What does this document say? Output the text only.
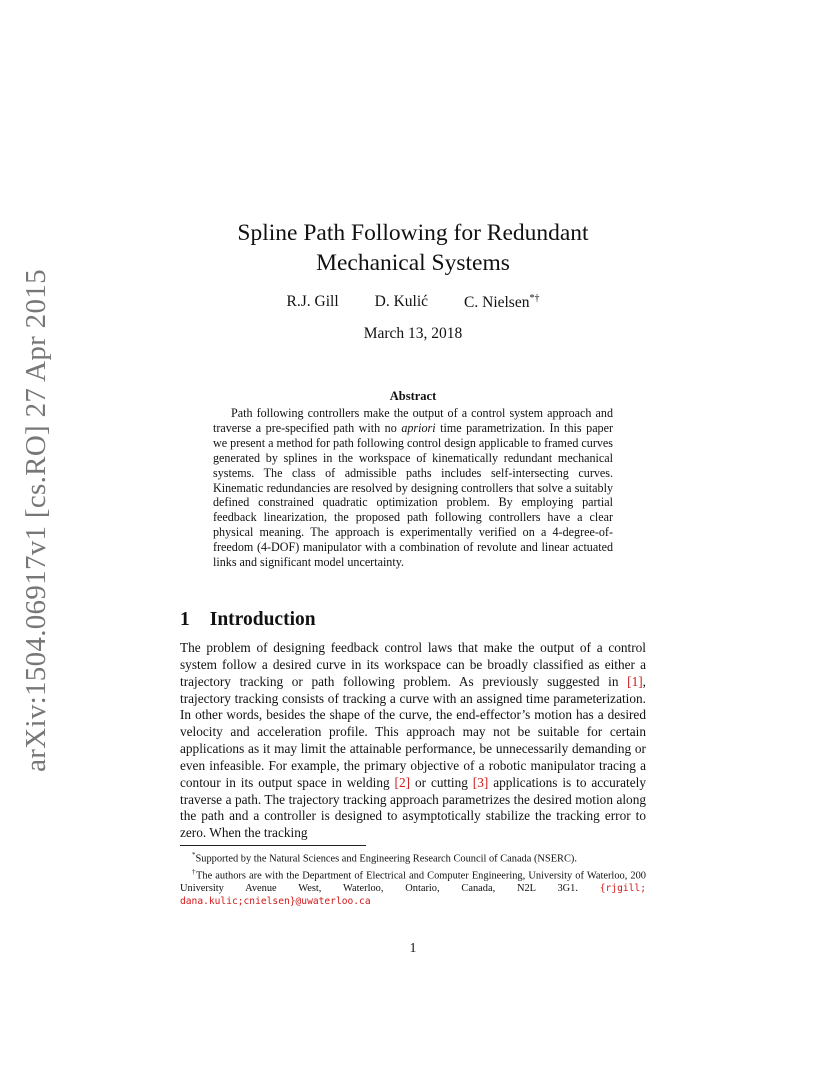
arXiv:1504.06917v1 [cs.RO] 27 Apr 2015
Spline Path Following for Redundant Mechanical Systems
R.J. Gill D. Kulić C. Nielsen*†
March 13, 2018
Abstract

Path following controllers make the output of a control system approach and traverse a pre-specified path with no apriori time parametrization. In this paper we present a method for path following control design applicable to framed curves generated by splines in the workspace of kinematically redundant mechanical systems. The class of admissible paths includes self-intersecting curves. Kinematic redundancies are resolved by designing controllers that solve a suitably defined constrained quadratic optimization problem. By employing partial feedback linearization, the proposed path following controllers have a clear physical meaning. The approach is experimentally verified on a 4-degree-of-freedom (4-DOF) manipulator with a combination of revolute and linear actuated links and significant model uncertainty.

1 Introduction

The problem of designing feedback control laws that make the output of a control system follow a desired curve in its workspace can be broadly classified as either a trajectory tracking or path following problem. As previously suggested in [1], trajectory tracking consists of tracking a curve with an assigned time parameterization. In other words, besides the shape of the curve, the end-effector’s motion has a desired velocity and acceleration profile. This approach may not be suitable for certain applications as it may limit the attainable performance, be unnecessarily demanding or even infeasible. For example, the primary objective of a robotic manipulator tracing a contour in its output space in welding [2] or cutting [3] applications is to accurately traverse a path. The trajectory tracking approach parametrizes the desired motion along the path and a controller is designed to asymptotically stabilize the tracking error to zero. When the tracking

*Supported by the Natural Sciences and Engineering Research Council of Canada (NSERC).

†The authors are with the Department of Electrical and Computer Engineering, University of Waterloo, 200 University Avenue West, Waterloo, Ontario, Canada, N2L 3G1. {rjgill; dana.kulic;cnielsen}@uwaterloo.ca

1
